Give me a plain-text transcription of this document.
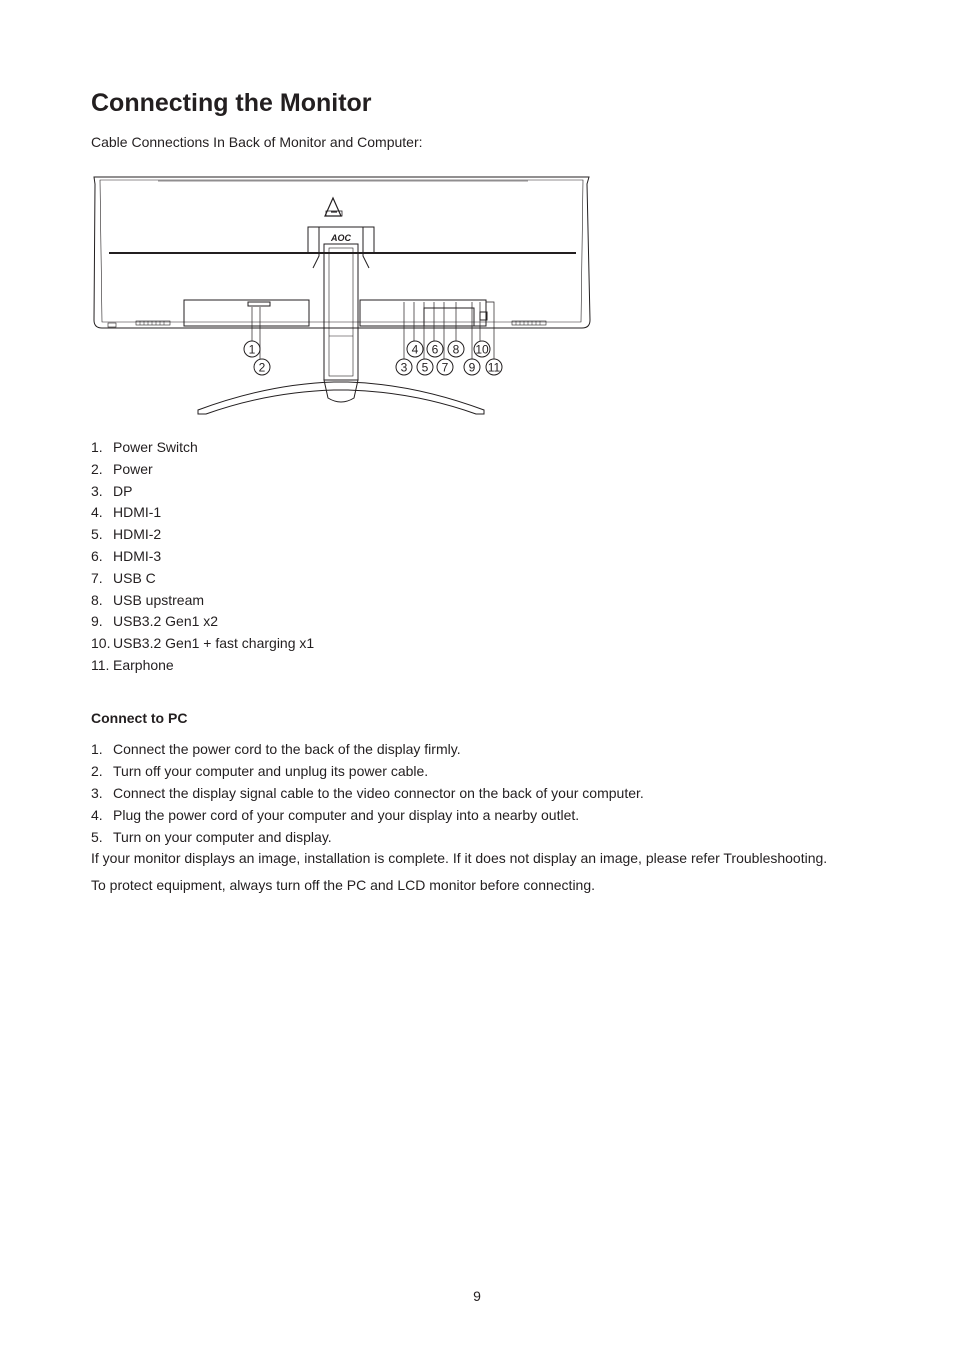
Connecting the Monitor
Cable Connections In Back of Monitor and Computer:
AOC
1
2	3
4
5
6
7
8
9
10
11
1. Power Switch
2. Power
3. DP
4. HDMI-1
5. HDMI-2
6. HDMI-3
7. USB C
8. USB upstream
9. USB3.2 Gen1 x2
10. USB3.2 Gen1 + fast charging x1
11. Earphone
Connect to PC
1. Connect the power cord to the back of the display firmly.
2. Turn off your computer and unplug its power cable.
3. Connect the display signal cable to the video connector on the back of your computer.
4. Plug the power cord of your computer and your display into a nearby outlet.
5. Turn on your computer and display.
If your monitor displays an image, installation is complete. If it does not display an image, please refer Troubleshooting.
To protect equipment, always turn off the PC and LCD monitor before connecting.
9
